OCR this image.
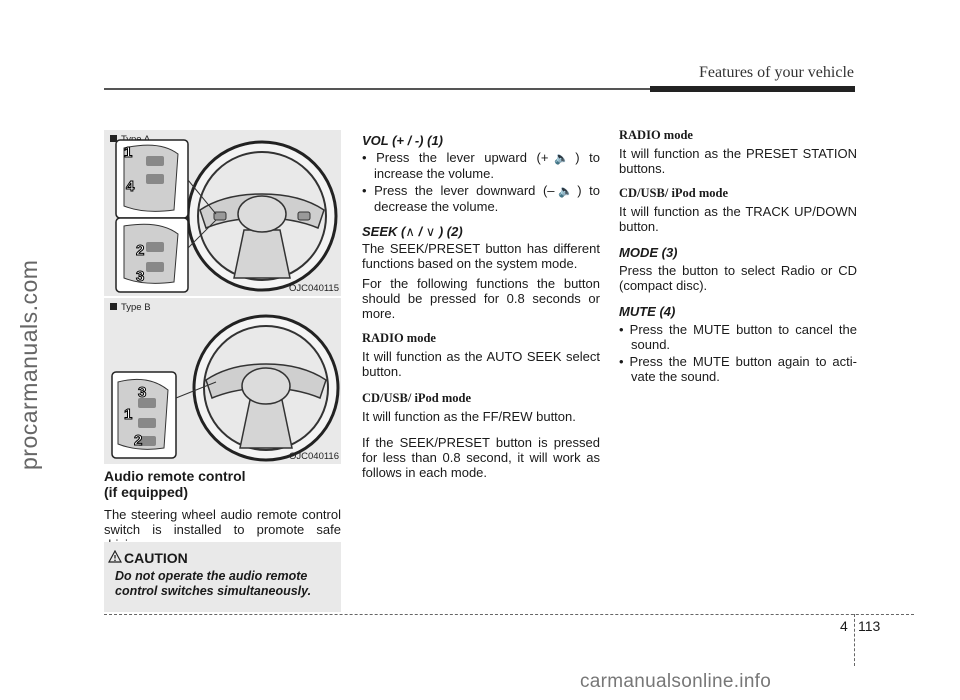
Features of your vehicle
procarmanuals.com
1
4
2
3
OJC040115
Type B
3
1
2
OJC040116
Audio remote control
(if equipped)
The steering wheel audio remote control switch is installed to promote safe
CAUTION
Do not operate the audio remote control switches simultaneously.
VOL (+ / -) (1)
• Press the lever upward (+🔈) to increase the volume.
• Press the lever downward (–🔈) to decrease the volume.
SEEK (∧ / ∨ ) (2)
The SEEK/PRESET button has different functions based on the system mode.
For the following functions the button should be pressed for 0.8 seconds or more.
RADIO mode
It will function as the AUTO SEEK select button.
CD/USB/ iPod mode
It will function as the FF/REW button.
If the SEEK/PRESET button is pressed for less than 0.8 second, it will work as follows in each mode.
RADIO mode
It will function as the PRESET STATION buttons.
CD/USB/ iPod mode
It will function as the TRACK UP/DOWN button.
MODE (3)
Press the button to select Radio or CD (compact disc).
MUTE (4)
• Press the MUTE button to cancel the sound.
• Press the MUTE button again to acti- vate the sound.
4 113
carmanualsonline.info
